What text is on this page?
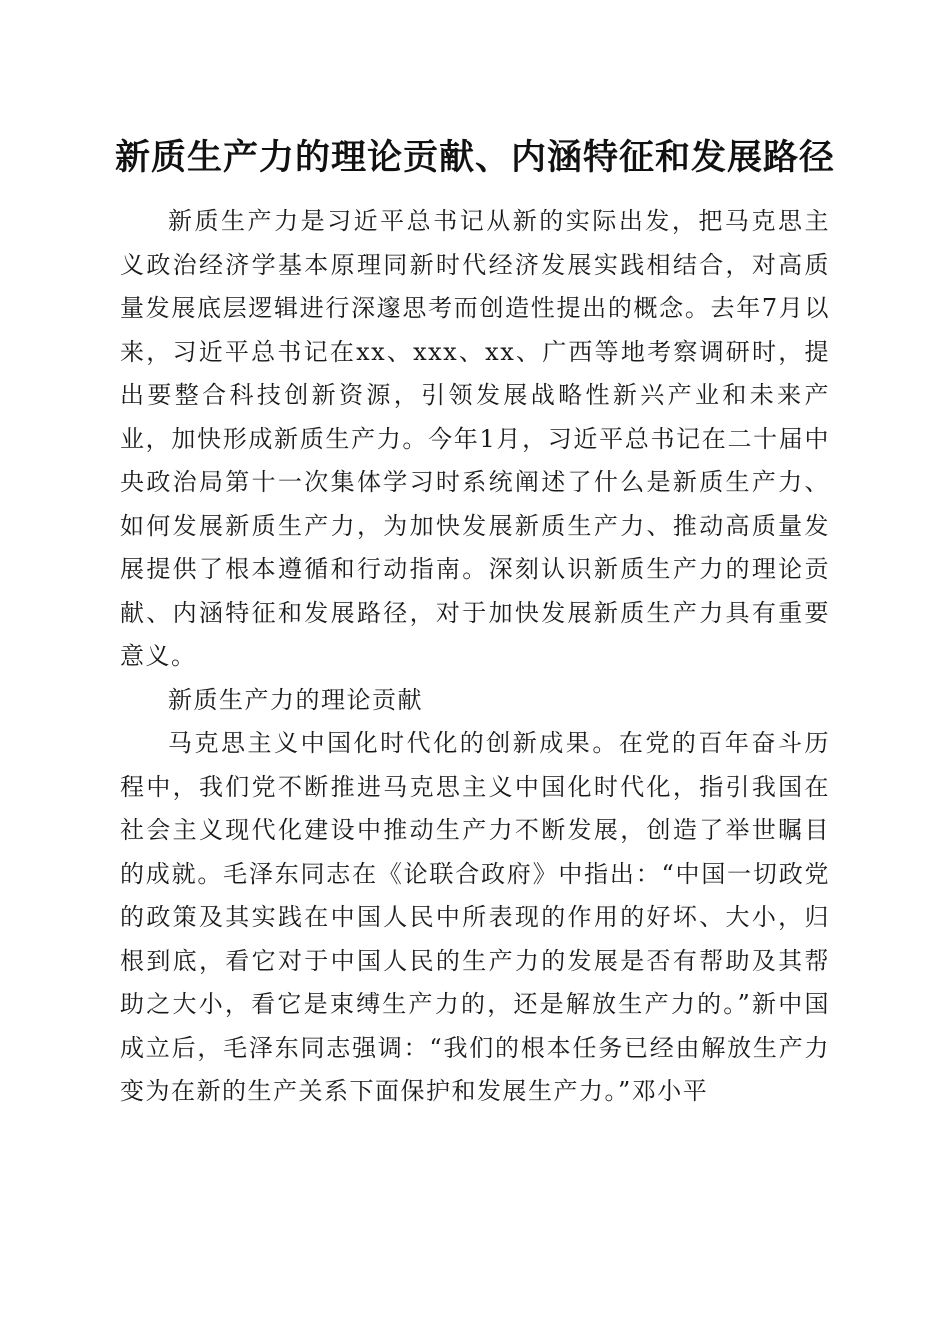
新质生产力的理论贡献、内涵特征和发展路径

新质生产力是习近平总书记从新的实际出发，把马克思主义政治经济学基本原理同新时代经济发展实践相结合，对高质量发展底层逻辑进行深邃思考而创造性提出的概念。去年7月以来，习近平总书记在xx、xxx、xx、广西等地考察调研时，提出要整合科技创新资源，引领发展战略性新兴产业和未来产业，加快形成新质生产力。今年1月，习近平总书记在二十届中央政治局第十一次集体学习时系统阐述了什么是新质生产力、如何发展新质生产力，为加快发展新质生产力、推动高质量发展提供了根本遵循和行动指南。深刻认识新质生产力的理论贡献、内涵特征和发展路径，对于加快发展新质生产力具有重要意义。

新质生产力的理论贡献

马克思主义中国化时代化的创新成果。在党的百年奋斗历程中，我们党不断推进马克思主义中国化时代化，指引我国在社会主义现代化建设中推动生产力不断发展，创造了举世瞩目的成就。毛泽东同志在《论联合政府》中指出：“中国一切政党的政策及其实践在中国人民中所表现的作用的好坏、大小，归根到底，看它对于中国人民的生产力的发展是否有帮助及其帮助之大小，看它是束缚生产力的，还是解放生产力的。”新中国成立后，毛泽东同志强调：“我们的根本任务已经由解放生产力变为在新的生产关系下面保护和发展生产力。”邓小平
